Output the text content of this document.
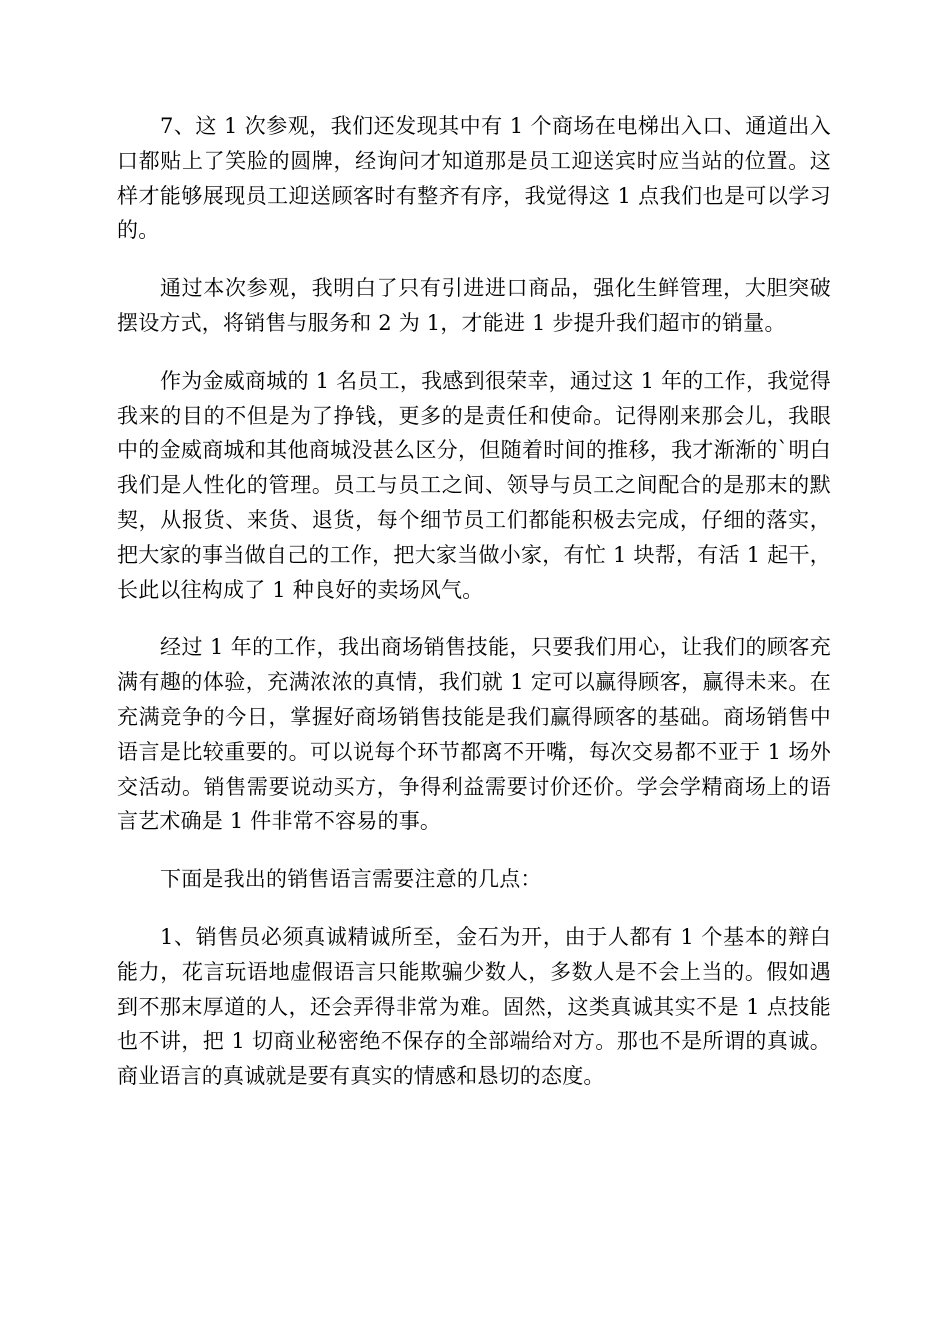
7、这 1 次参观，我们还发现其中有 1 个商场在电梯出入口、通道出入口都贴上了笑脸的圆牌，经询问才知道那是员工迎送宾时应当站的位置。这样才能够展现员工迎送顾客时有整齐有序，我觉得这 1 点我们也是可以学习的。

通过本次参观，我明白了只有引进进口商品，强化生鲜管理，大胆突破摆设方式，将销售与服务和 2 为 1，才能进 1 步提升我们超市的销量。

作为金威商城的 1 名员工，我感到很荣幸，通过这 1 年的工作，我觉得我来的目的不但是为了挣钱，更多的是责任和使命。记得刚来那会儿，我眼中的金威商城和其他商城没甚么区分，但随着时间的推移，我才渐渐的`明白我们是人性化的管理。员工与员工之间、领导与员工之间配合的是那末的默契，从报货、来货、退货，每个细节员工们都能积极去完成，仔细的落实，把大家的事当做自己的工作，把大家当做小家，有忙 1 块帮，有活 1 起干，长此以往构成了 1 种良好的卖场风气。

经过 1 年的工作，我出商场销售技能，只要我们用心，让我们的顾客充满有趣的体验，充满浓浓的真情，我们就 1 定可以赢得顾客，赢得未来。在充满竞争的今日，掌握好商场销售技能是我们赢得顾客的基础。商场销售中语言是比较重要的。可以说每个环节都离不开嘴，每次交易都不亚于 1 场外交活动。销售需要说动买方，争得利益需要讨价还价。学会学精商场上的语言艺术确是 1 件非常不容易的事。

下面是我出的销售语言需要注意的几点：

1、销售员必须真诚精诚所至，金石为开，由于人都有 1 个基本的辩白能力，花言玩语地虚假语言只能欺骗少数人，多数人是不会上当的。假如遇到不那末厚道的人，还会弄得非常为难。固然，这类真诚其实不是 1 点技能也不讲，把 1 切商业秘密绝不保存的全部端给对方。那也不是所谓的真诚。商业语言的真诚就是要有真实的情感和恳切的态度。
